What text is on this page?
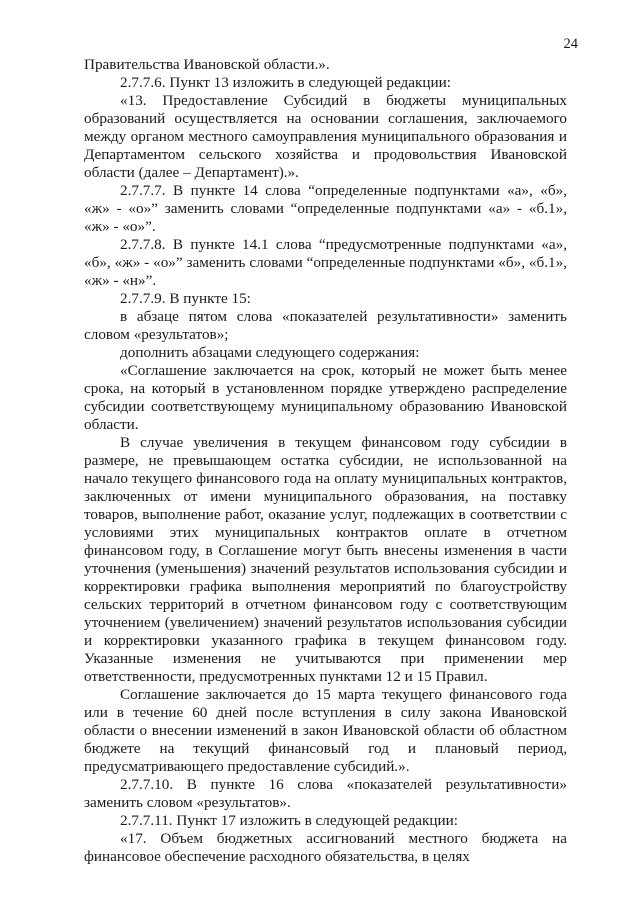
24

Правительства Ивановской области.».

2.7.7.6. Пункт 13 изложить в следующей редакции:

«13. Предоставление Субсидий в бюджеты муниципальных образований осуществляется на основании соглашения, заключаемого между органом местного самоуправления муниципального образования и Департаментом сельского хозяйства и продовольствия Ивановской области (далее – Департамент).».

2.7.7.7. В пункте 14 слова “определенные подпунктами «а», «б», «ж» - «о»” заменить словами “определенные подпунктами «а» - «б.1», «ж» - «о»”.

2.7.7.8. В пункте 14.1 слова “предусмотренные подпунктами «а», «б», «ж» - «о»” заменить словами “определенные подпунктами «б», «б.1», «ж» - «н»”.

2.7.7.9. В пункте 15:

в абзаце пятом слова «показателей результативности» заменить словом «результатов»;

дополнить абзацами следующего содержания:

«Соглашение заключается на срок, который не может быть менее срока, на который в установленном порядке утверждено распределение субсидии соответствующему муниципальному образованию Ивановской области.

В случае увеличения в текущем финансовом году субсидии в размере, не превышающем остатка субсидии, не использованной на начало текущего финансового года на оплату муниципальных контрактов, заключенных от имени муниципального образования, на поставку товаров, выполнение работ, оказание услуг, подлежащих в соответствии с условиями этих муниципальных контрактов оплате в отчетном финансовом году, в Соглашение могут быть внесены изменения в части уточнения (уменьшения) значений результатов использования субсидии и корректировки графика выполнения мероприятий по благоустройству сельских территорий в отчетном финансовом году с соответствующим уточнением (увеличением) значений результатов использования субсидии и корректировки указанного графика в текущем финансовом году. Указанные изменения не учитываются при применении мер ответственности, предусмотренных пунктами 12 и 15 Правил.

Соглашение заключается до 15 марта текущего финансового года или в течение 60 дней после вступления в силу закона Ивановской области о внесении изменений в закон Ивановской области об областном бюджете на текущий финансовый год и плановый период, предусматривающего предоставление субсидий.».

2.7.7.10. В пункте 16 слова «показателей результативности» заменить словом «результатов».

2.7.7.11. Пункт 17 изложить в следующей редакции:

«17. Объем бюджетных ассигнований местного бюджета на финансовое обеспечение расходного обязательства, в целях
